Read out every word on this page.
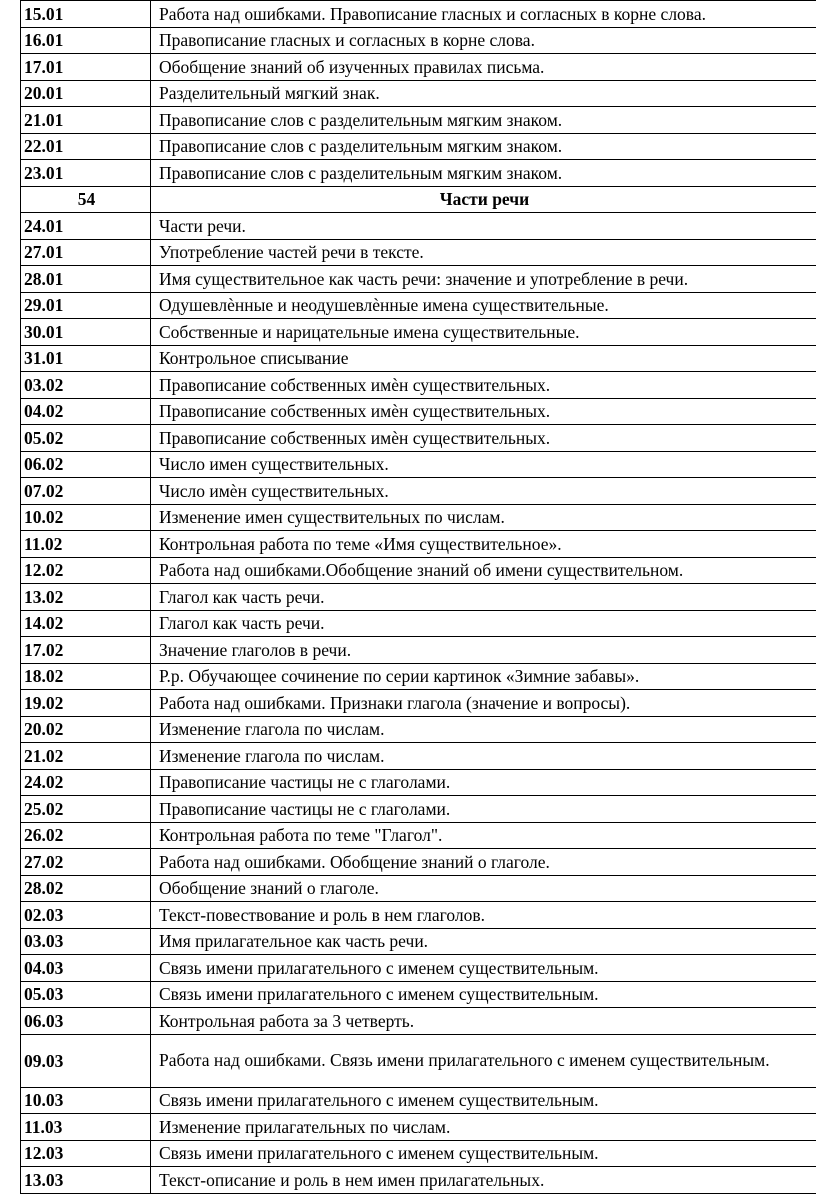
15.01	Работа над ошибками. Правописание гласных и согласных в корне слова.
16.01	Правописание гласных и согласных в корне слова.
17.01	Обобщение знаний об изученных правилах письма.
20.01	Разделительный мягкий знак.
21.01	Правописание слов с разделительным мягким знаком.
22.01	Правописание слов с разделительным мягким знаком.
23.01	Правописание слов с разделительным мягким знаком.
54	Части речи
24.01	Части речи.
27.01	Употребление частей речи в тексте.
28.01	Имя существительное как часть речи: значение и употребление в речи.
29.01	Одушевлѐнные и неодушевлѐнные имена существительные.
30.01	Собственные и нарицательные имена существительные.
31.01	Контрольное списывание
03.02	Правописание собственных имѐн существительных.
04.02	Правописание собственных имѐн существительных.
05.02	Правописание собственных имѐн существительных.
06.02	Число имен существительных.
07.02	Число имѐн существительных.
10.02	Изменение имен существительных по числам.
11.02	Контрольная работа по теме «Имя существительное».
12.02	Работа над ошибками.Обобщение знаний об имени существительном.
13.02	Глагол как часть речи.
14.02	Глагол как часть речи.
17.02	Значение глаголов в речи.
18.02	Р.р. Обучающее сочинение по серии картинок «Зимние забавы».
19.02	Работа над ошибками. Признаки глагола (значение и вопросы).
20.02	Изменение глагола по числам.
21.02	Изменение глагола по числам.
24.02	Правописание частицы не с глаголами.
25.02	Правописание частицы не с глаголами.
26.02	Контрольная работа по теме "Глагол".
27.02	Работа над ошибками. Обобщение знаний о глаголе.
28.02	Обобщение знаний о глаголе.
02.03	Текст-повествование и роль в нем глаголов.
03.03	Имя прилагательное как часть речи.
04.03	Связь имени прилагательного с именем существительным.
05.03	Связь имени прилагательного с именем существительным.
06.03	Контрольная работа за 3 четверть.
09.03	Работа над ошибками. Связь имени прилагательного с именем существительным.
10.03	Связь имени прилагательного с именем существительным.
11.03	Изменение прилагательных по числам.
12.03	Связь имени прилагательного с именем существительным.
13.03	Текст-описание и роль в нем имен прилагательных.
